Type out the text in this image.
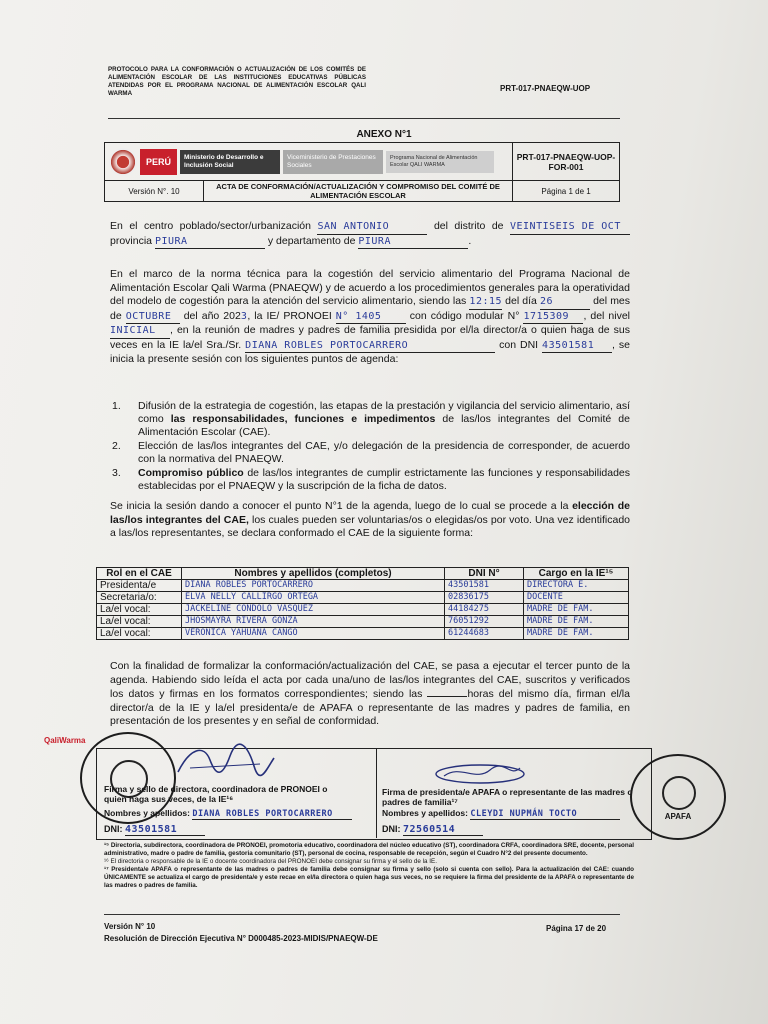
PROTOCOLO PARA LA CONFORMACIÓN O ACTUALIZACIÓN DE LOS COMITÉS DE ALIMENTACIÓN ESCOLAR DE LAS INSTITUCIONES EDUCATIVAS PÚBLICAS ATENDIDAS POR EL PROGRAMA NACIONAL DE ALIMENTACIÓN ESCOLAR QALI WARMA
PRT-017-PNAEQW-UOP
ANEXO N°1
PERÚ Ministerio de Desarrollo e Inclusión Social
Viceministerio de Prestaciones Sociales
Programa Nacional de Alimentación Escolar QALI WARMA		PRT-017-PNAEQW-UOP-FOR-001
Versión N°. 10	ACTA DE CONFORMACIÓN/ACTUALIZACIÓN Y COMPROMISO DEL COMITÉ DE ALIMENTACIÓN ESCOLAR	Página 1 de 1
En el centro poblado/sector/urbanización SAN ANTONIO	del distrito de VEINTISEIS DE OCT provincia PIURA	y departamento de PIURA	.
En el marco de la norma técnica para la cogestión del servicio alimentario del Programa Nacional de Alimentación Escolar Qali Warma (PNAEQW) y de acuerdo a los procedimientos generales para la operatividad del modelo de cogestión para la atención del servicio alimentario, siendo las 12:15 del día 26	del mes de OCTUBRE del año 2023, la IE/ PRONOEI N° 1405	con código modular N° 1715309 , del nivel INICIAL , en la reunión de madres y padres de familia presidida por el/la director/a o quien haga de sus veces en la IE la/el Sra./Sr. DIANA ROBLES PORTOCARRERO	con DNI 43501581 , se inicia la presente sesión con los siguientes puntos de agenda:
1.	Difusión de la estrategia de cogestión, las etapas de la prestación y vigilancia del servicio alimentario, así como las responsabilidades, funciones e impedimentos de las/los integrantes del Comité de Alimentación Escolar (CAE).
2.	Elección de las/los integrantes del CAE, y/o delegación de la presidencia de corresponder, de acuerdo con la normativa del PNAEQW.
3.	Compromiso público de las/los integrantes de cumplir estrictamente las funciones y responsabilidades establecidas por el PNAEQW y la suscripción de la ficha de datos.
Se inicia la sesión dando a conocer el punto N°1 de la agenda, luego de lo cual se procede a la elección de las/los integrantes del CAE, los cuales pueden ser voluntarias/os o elegidas/os por voto. Una vez identificado a las/los representantes, se declara conformado el CAE de la siguiente forma:
Rol en el CAE	Nombres y apellidos (completos)	DNI N°	Cargo en la IE¹⁵
Presidenta/e	DIANA ROBLES PORTOCARRERO	43501581	DIRECTORA E.
Secretaria/o:	ELVA NELLY CALLIRGO ORTEGA	02836175	DOCENTE
La/el vocal:	JACKELINE CONDOLO VASQUEZ	44184275	MADRE DE FAM.
La/el vocal:	JHOSMAYRA RIVERA GONZA	76051292	MADRE DE FAM.
La/el vocal:	VERONICA YAHUANA CANGO	61244683	MADRE DE FAM.
Con la finalidad de formalizar la conformación/actualización del CAE, se pasa a ejecutar el tercer punto de la agenda. Habiendo sido leída el acta por cada una/uno de las/los integrantes del CAE, suscritos y verificados los datos y firmas en los formatos correspondientes; siendo las	horas del mismo día, firman el/la director/a de la IE y la/el presidenta/e de APAFA o representante de las madres y padres de familia, en presentación de los presentes y en señal de conformidad.
QaliWarma
Firma y sello de directora, coordinadora de PRONOEI o quien haga sus veces, de la IE¹⁶
Nombres y apellidos: DIANA ROBLES PORTOCARRERO
DNI: 43501581
Firma de presidenta/e APAFA o representante de las madres o padres de familia¹⁷
Nombres y apellidos: CLEYDI NUPMÁN TOCTO
DNI: 72560514
APAFA
¹⁵ Directoria, subdirectora, coordinadora de PRONOEI, promotoria educativo, coordinadora del núcleo educativo (ST), coordinadora CRFA, coordinadora SRE, docente, personal administrativo, madre o padre de familia, gestoria comunitario (ST), personal de cocina, responsable de recepción, según el Cuadro N°2 del presente documento.
¹⁶ El directoria o responsable de la IE o docente coordinadora del PRONOEI debe consignar su firma y el sello de la IE.
¹⁷ Presidenta/e APAFA o representante de las madres o padres de familia debe consignar su firma y sello (solo si cuenta con sello). Para la actualización del CAE: cuando ÚNICAMENTE se actualiza el cargo de presidenta/e y este recae en el/la directora o quien haga sus veces, no se requiere la firma del presidente de la APAFA o representante de las madres o padres de familia.
Versión N° 10
Resolución de Dirección Ejecutiva N° D000485-2023-MIDIS/PNAEQW-DE
Página 17 de 20
